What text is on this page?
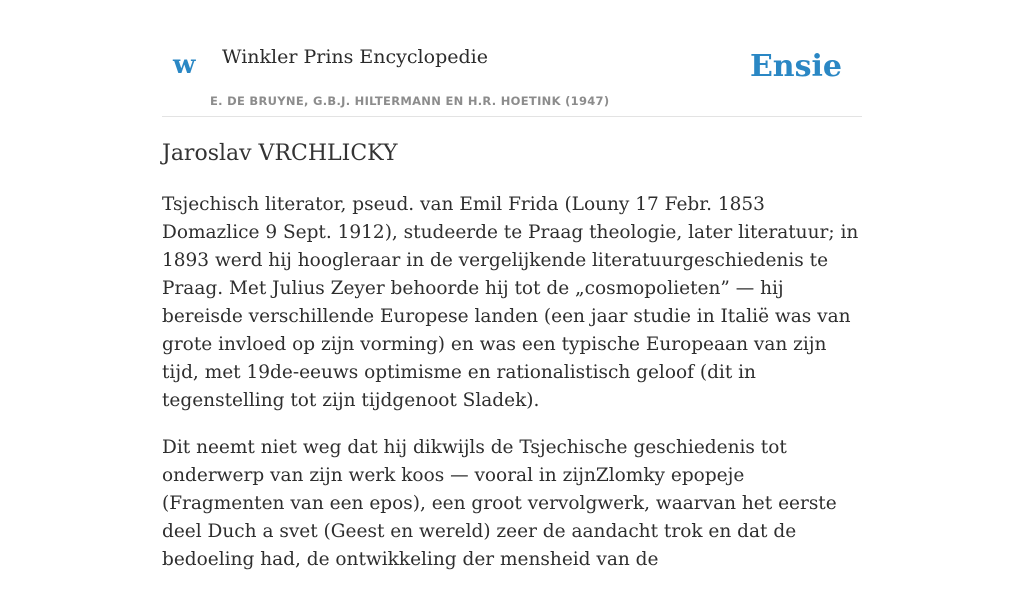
w Winkler Prins Encyclopedie
E. DE BRUYNE, G.B.J. HILTERMANN EN H.R. HOETINK (1947)
Ensie
Jaroslav VRCHLICKY

Tsjechisch literator, pseud. van Emil Frida (Louny 17 Febr. 1853 Domazlice 9 Sept. 1912), studeerde te Praag theologie, later literatuur; in 1893 werd hij hoogleraar in de vergelijkende literatuurgeschiedenis te Praag. Met Julius Zeyer behoorde hij tot de „cosmopolieten” — hij bereisde verschillende Europese landen (een jaar studie in Italië was van grote invloed op zijn vorming) en was een typische Europeaan van zijn tijd, met 19de-eeuws optimisme en rationalistisch geloof (dit in tegenstelling tot zijn tijdgenoot Sladek).

Dit neemt niet weg dat hij dikwijls de Tsjechische geschiedenis tot onderwerp van zijn werk koos — vooral in zijnZlomky epopeje (Fragmenten van een epos), een groot vervolgwerk, waarvan het eerste deel Duch a svet (Geest en wereld) zeer de aandacht trok en dat de bedoeling had, de ontwikkeling der mensheid van de
